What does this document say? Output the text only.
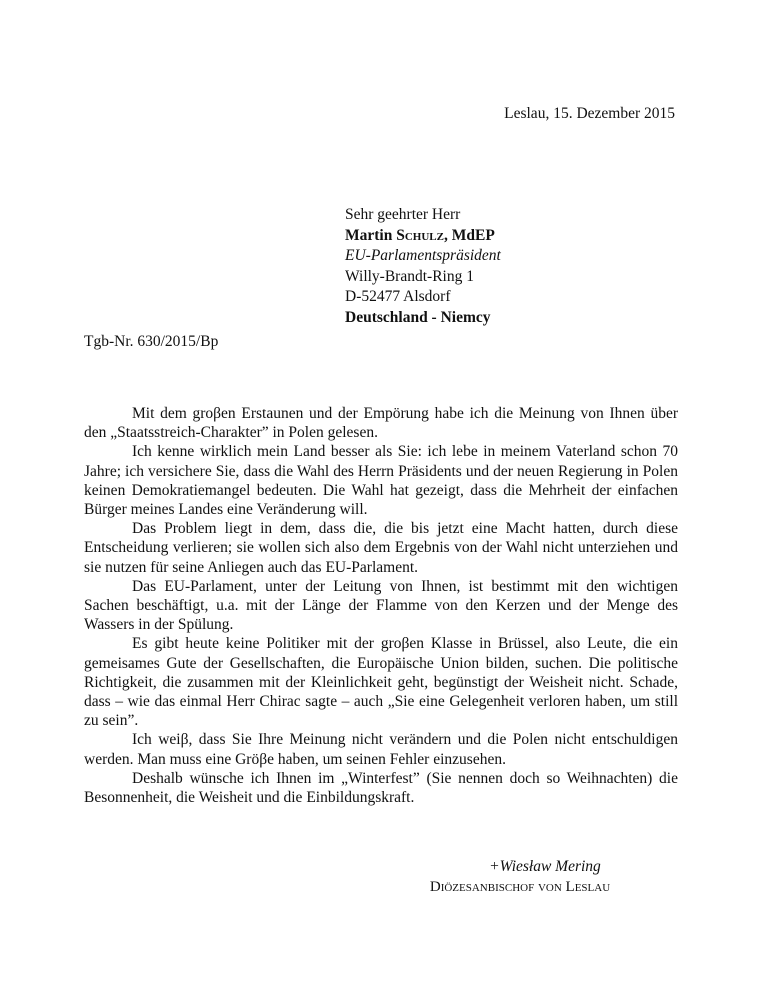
Leslau, 15. Dezember 2015
Sehr geehrter Herr
Martin Schulz, MdEP
EU-Parlamentspräsident
Willy-Brandt-Ring 1
D-52477 Alsdorf
Deutschland - Niemcy
Tgb-Nr. 630/2015/Bp

Mit dem groβen Erstaunen und der Empörung habe ich die Meinung von Ihnen über den „Staatsstreich-Charakter” in Polen gelesen.

Ich kenne wirklich mein Land besser als Sie: ich lebe in meinem Vaterland schon 70 Jahre; ich versichere Sie, dass die Wahl des Herrn Präsidents und der neuen Regierung in Polen keinen Demokratiemangel bedeuten. Die Wahl hat gezeigt, dass die Mehrheit der einfachen Bürger meines Landes eine Veränderung will.

Das Problem liegt in dem, dass die, die bis jetzt eine Macht hatten, durch diese Entscheidung verlieren; sie wollen sich also dem Ergebnis von der Wahl nicht unterziehen und sie nutzen für seine Anliegen auch das EU-Parlament.

Das EU-Parlament, unter der Leitung von Ihnen, ist bestimmt mit den wichtigen Sachen beschäftigt, u.a. mit der Länge der Flamme von den Kerzen und der Menge des Wassers in der Spülung.

Es gibt heute keine Politiker mit der groβen Klasse in Brüssel, also Leute, die ein gemeisames Gute der Gesellschaften, die Europäische Union bilden, suchen. Die politische Richtigkeit, die zusammen mit der Kleinlichkeit geht, begünstigt der Weisheit nicht. Schade, dass – wie das einmal Herr Chirac sagte – auch „Sie eine Gelegenheit verloren haben, um still zu sein”.

Ich weiβ, dass Sie Ihre Meinung nicht verändern und die Polen nicht entschuldigen werden. Man muss eine Gröβe haben, um seinen Fehler einzusehen.

Deshalb wünsche ich Ihnen im „Winterfest” (Sie nennen doch so Weihnachten) die Besonnenheit, die Weisheit und die Einbildungskraft.

+Wiesław Mering
Diözesanbischof von Leslau
